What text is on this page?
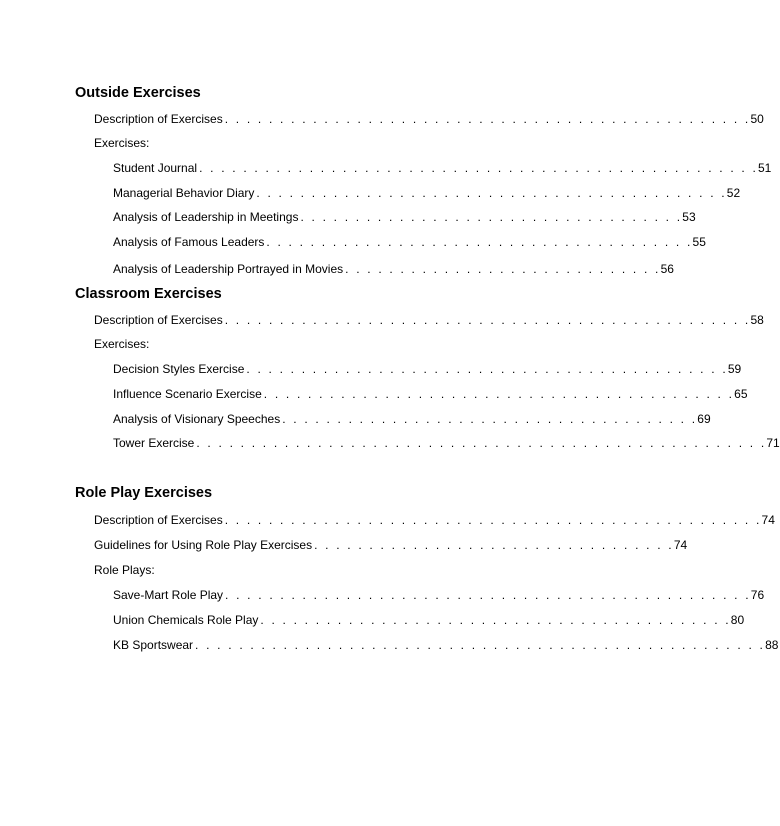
Outside Exercises
Description of Exercises . . . . . . . . . . . . . . . . . . . . . . . . . . . . . . . . . . . . . . . . . . . . . . . . 50
Exercises:
Student Journal . . . . . . . . . . . . . . . . . . . . . . . . . . . . . . . . . . . . . . . . . . . . . . . . . . . 51
Managerial Behavior Diary . . . . . . . . . . . . . . . . . . . . . . . . . . . . . . . . . . . . . . . . . . . 52
Analysis of Leadership in Meetings . . . . . . . . . . . . . . . . . . . . . . . . . . . . . . . . . . . 53
Analysis of Famous Leaders . . . . . . . . . . . . . . . . . . . . . . . . . . . . . . . . . . . . . . . 55
Analysis of Leadership Portrayed in Movies . . . . . . . . . . . . . . . . . . . . . . . . . . . . . 56
Classroom Exercises
Description of Exercises . . . . . . . . . . . . . . . . . . . . . . . . . . . . . . . . . . . . . . . . . . . . . . . . 58
Exercises:
Decision Styles Exercise . . . . . . . . . . . . . . . . . . . . . . . . . . . . . . . . . . . . . . . . . . . . 59
Influence Scenario Exercise . . . . . . . . . . . . . . . . . . . . . . . . . . . . . . . . . . . . . . . . . . . 65
Analysis of Visionary Speeches . . . . . . . . . . . . . . . . . . . . . . . . . . . . . . . . . . . . . . 69
Tower Exercise . . . . . . . . . . . . . . . . . . . . . . . . . . . . . . . . . . . . . . . . . . . . . . . . . . . . 71
Role Play Exercises
Description of Exercises . . . . . . . . . . . . . . . . . . . . . . . . . . . . . . . . . . . . . . . . . . . . . . . . . 74
Guidelines for Using Role Play Exercises . . . . . . . . . . . . . . . . . . . . . . . . . . . . . . . . . 74
Role Plays:
Save-Mart Role Play . . . . . . . . . . . . . . . . . . . . . . . . . . . . . . . . . . . . . . . . . . . . . . . . 76
Union Chemicals Role Play . . . . . . . . . . . . . . . . . . . . . . . . . . . . . . . . . . . . . . . . . . . 80
KB Sportswear . . . . . . . . . . . . . . . . . . . . . . . . . . . . . . . . . . . . . . . . . . . . . . . . . . . . 88
